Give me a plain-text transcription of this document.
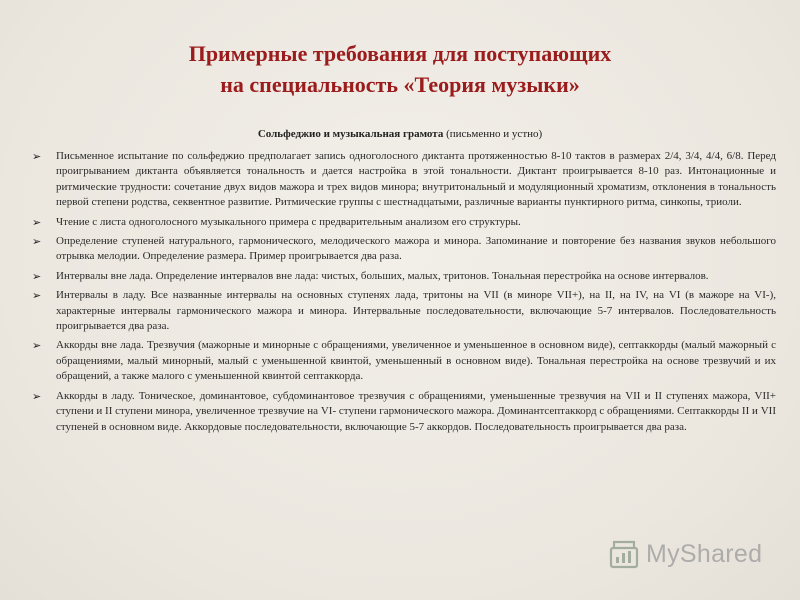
Примерные требования для поступающих
на специальность «Теория музыки»

Сольфеджио и музыкальная грамота (письменно и устно)

➢ Письменное испытание по сольфеджио предполагает запись одноголосного диктанта протяженностью 8-10 тактов в размерах 2/4, 3/4, 4/4, 6/8. Перед проигрыванием диктанта объявляется тональность и дается настройка в этой тональности. Диктант проигрывается 8-10 раз. Интонационные и ритмические трудности: сочетание двух видов мажора и трех видов минора; внутритональный и модуляционный хроматизм, отклонения в тональность первой степени родства, секвентное развитие. Ритмические группы с шестнадцатыми, различные варианты пунктирного ритма, синкопы, триоли.
➢ Чтение с листа одноголосного музыкального примера с предварительным анализом его структуры.
➢ Определение ступеней натурального, гармонического, мелодического мажора и минора. Запоминание и повторение без названия звуков небольшого отрывка мелодии. Определение размера. Пример проигрывается два раза.
➢ Интервалы вне лада. Определение интервалов вне лада: чистых, больших, малых, тритонов. Тональная перестройка на основе интервалов.
➢ Интервалы в ладу. Все названные интервалы на основных ступенях лада, тритоны на VII (в миноре VII+), на II, на IV, на VI (в мажоре на VI-), характерные интервалы гармонического мажора и минора. Интервальные последовательности, включающие 5-7 интервалов. Последовательность проигрывается два раза.
➢ Аккорды вне лада. Трезвучия (мажорные и минорные с обращениями, увеличенное и уменьшенное в основном виде), септаккорды (малый мажорный с обращениями, малый минорный, малый с уменьшенной квинтой, уменьшенный в основном виде). Тональная перестройка на основе трезвучий и их обращений, а также малого с уменьшенной квинтой септаккорда.
➢ Аккорды в ладу. Тоническое, доминантовое, субдоминантовое трезвучия с обращениями, уменьшенные трезвучия на VII и II ступенях мажора, VII+ ступени и II ступени минора, увеличенное трезвучие на VI- ступени гармонического мажора. Доминантсептаккорд с обращениями. Септаккорды II и VII ступеней в основном виде. Аккордовые последовательности, включающие 5-7 аккордов. Последовательность проигрывается два раза.
MyShared
